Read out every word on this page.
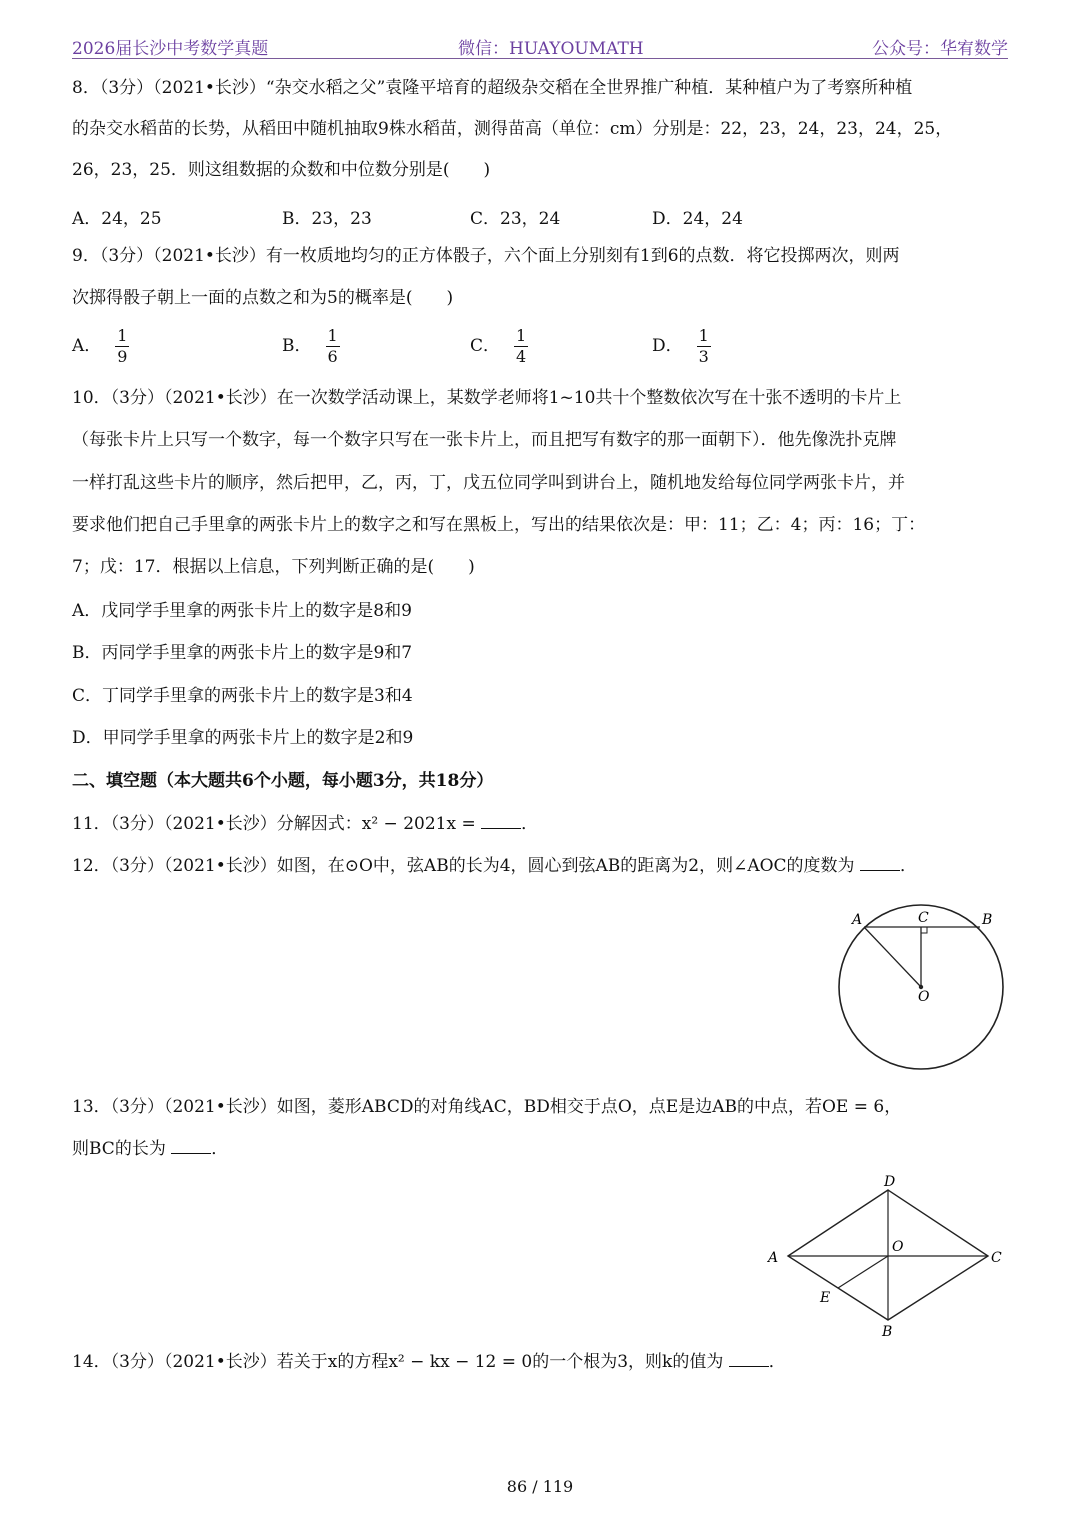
2026届长沙中考数学真题	微信：HUAYOUMATH	公众号：华宥数学
8．（3分）（2021•长沙）“杂交水稻之父”袁隆平培育的超级杂交稻在全世界推广种植．某种植户为了考察所种植
的杂交水稻苗的长势，从稻田中随机抽取9株水稻苗，测得苗高（单位：cm）分别是：22，23，24，23，24，25，
26，23，25．则这组数据的众数和中位数分别是(　　)
A．24，25	B．23，23	C．23，24	D．24，24
9．（3分）（2021•长沙）有一枚质地均匀的正方体骰子，六个面上分别刻有1到6的点数．将它投掷两次，则两
次掷得骰子朝上一面的点数之和为5的概率是(　　)
A． $\frac{1}{9}$	B． $\frac{1}{6}$	C． $\frac{1}{4}$	D． $\frac{1}{3}$
10．（3分）（2021•长沙）在一次数学活动课上，某数学老师将1~10共十个整数依次写在十张不透明的卡片上
（每张卡片上只写一个数字，每一个数字只写在一张卡片上，而且把写有数字的那一面朝下）．他先像洗扑克牌
一样打乱这些卡片的顺序，然后把甲，乙，丙，丁，戊五位同学叫到讲台上，随机地发给每位同学两张卡片，并
要求他们把自己手里拿的两张卡片上的数字之和写在黑板上，写出的结果依次是：甲：11；乙：4；丙：16；丁：
7；戊：17．根据以上信息，下列判断正确的是(　　)
A．戊同学手里拿的两张卡片上的数字是8和9
B．丙同学手里拿的两张卡片上的数字是9和7
C．丁同学手里拿的两张卡片上的数字是3和4
D．甲同学手里拿的两张卡片上的数字是2和9
二、填空题（本大题共6个小题，每小题3分，共18分）
11．（3分）（2021•长沙）分解因式：x² − 2021x = ．
12．（3分）（2021•长沙）如图，在⊙O中，弦AB的长为4，圆心到弦AB的距离为2，则∠AOC的度数为 ．
A	C	B
O
13．（3分）（2021•长沙）如图，菱形ABCD的对角线AC，BD相交于点O，点E是边AB的中点，若OE = 6，
则BC的长为 ．
D
A
O
C
E
B
14．（3分）（2021•长沙）若关于x的方程x² − kx − 12 = 0的一个根为3，则k的值为 ．
86 / 119
